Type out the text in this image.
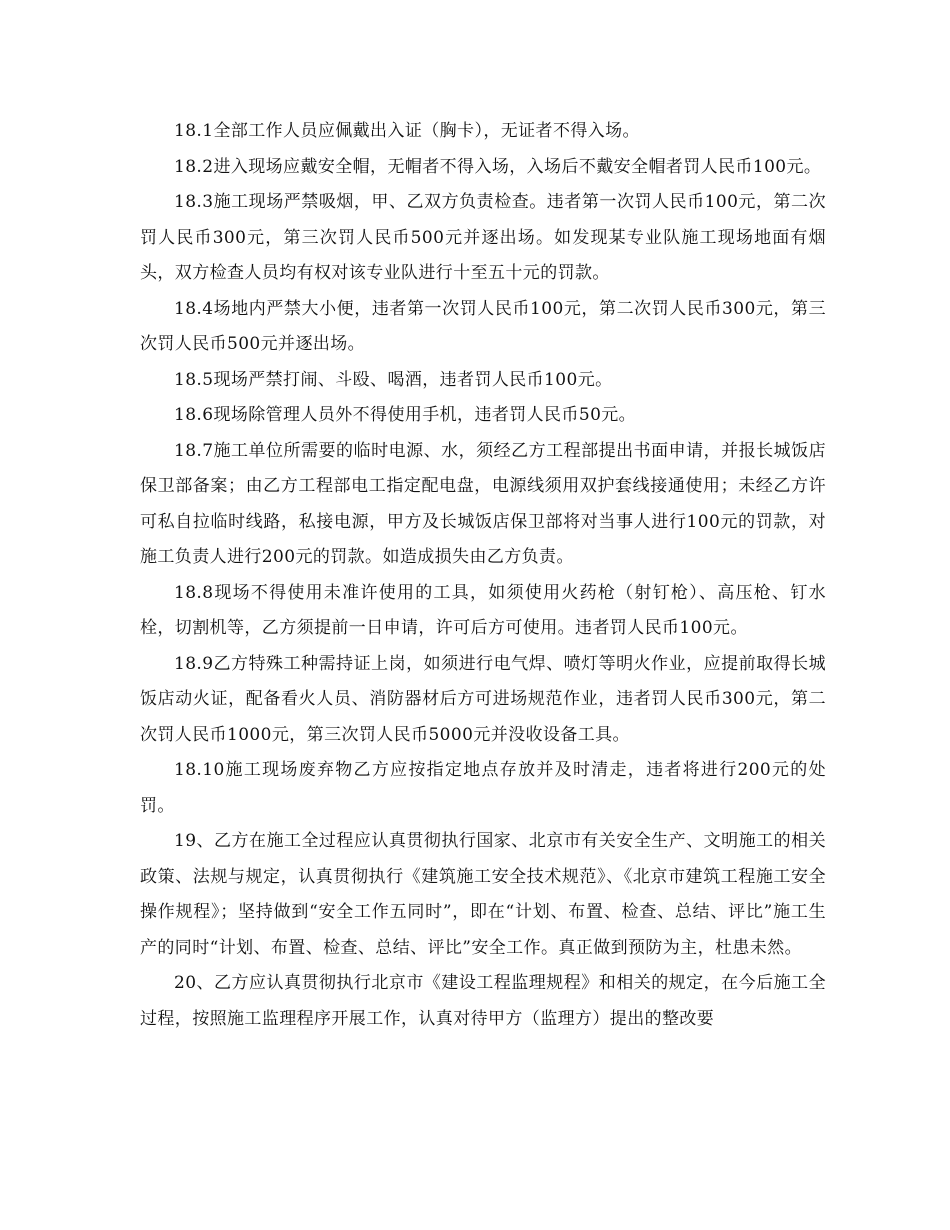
18.1全部工作人员应佩戴出入证（胸卡），无证者不得入场。

18.2进入现场应戴安全帽，无帽者不得入场，入场后不戴安全帽者罚人民币100元。

18.3施工现场严禁吸烟，甲、乙双方负责检查。违者第一次罚人民币100元，第二次罚人民币300元，第三次罚人民币500元并逐出场。如发现某专业队施工现场地面有烟头，双方检查人员均有权对该专业队进行十至五十元的罚款。

18.4场地内严禁大小便，违者第一次罚人民币100元，第二次罚人民币300元，第三次罚人民币500元并逐出场。

18.5现场严禁打闹、斗殴、喝酒，违者罚人民币100元。

18.6现场除管理人员外不得使用手机，违者罚人民币50元。

18.7施工单位所需要的临时电源、水，须经乙方工程部提出书面申请，并报长城饭店保卫部备案；由乙方工程部电工指定配电盘，电源线须用双护套线接通使用；未经乙方许可私自拉临时线路，私接电源，甲方及长城饭店保卫部将对当事人进行100元的罚款，对施工负责人进行200元的罚款。如造成损失由乙方负责。

18.8现场不得使用未准许使用的工具，如须使用火药枪（射钉枪）、高压枪、钉水栓，切割机等，乙方须提前一日申请，许可后方可使用。违者罚人民币100元。

18.9乙方特殊工种需持证上岗，如须进行电气焊、喷灯等明火作业，应提前取得长城饭店动火证，配备看火人员、消防器材后方可进场规范作业，违者罚人民币300元，第二次罚人民币1000元，第三次罚人民币5000元并没收设备工具。

18.10施工现场废弃物乙方应按指定地点存放并及时清走，违者将进行200元的处罚。

19、乙方在施工全过程应认真贯彻执行国家、北京市有关安全生产、文明施工的相关政策、法规与规定，认真贯彻执行《建筑施工安全技术规范》、《北京市建筑工程施工安全操作规程》；坚持做到“安全工作五同时”，即在“计划、布置、检查、总结、评比”施工生产的同时“计划、布置、检查、总结、评比”安全工作。真正做到预防为主，杜患未然。

20、乙方应认真贯彻执行北京市《建设工程监理规程》和相关的规定，在今后施工全过程，按照施工监理程序开展工作，认真对待甲方（监理方）提出的整改要
